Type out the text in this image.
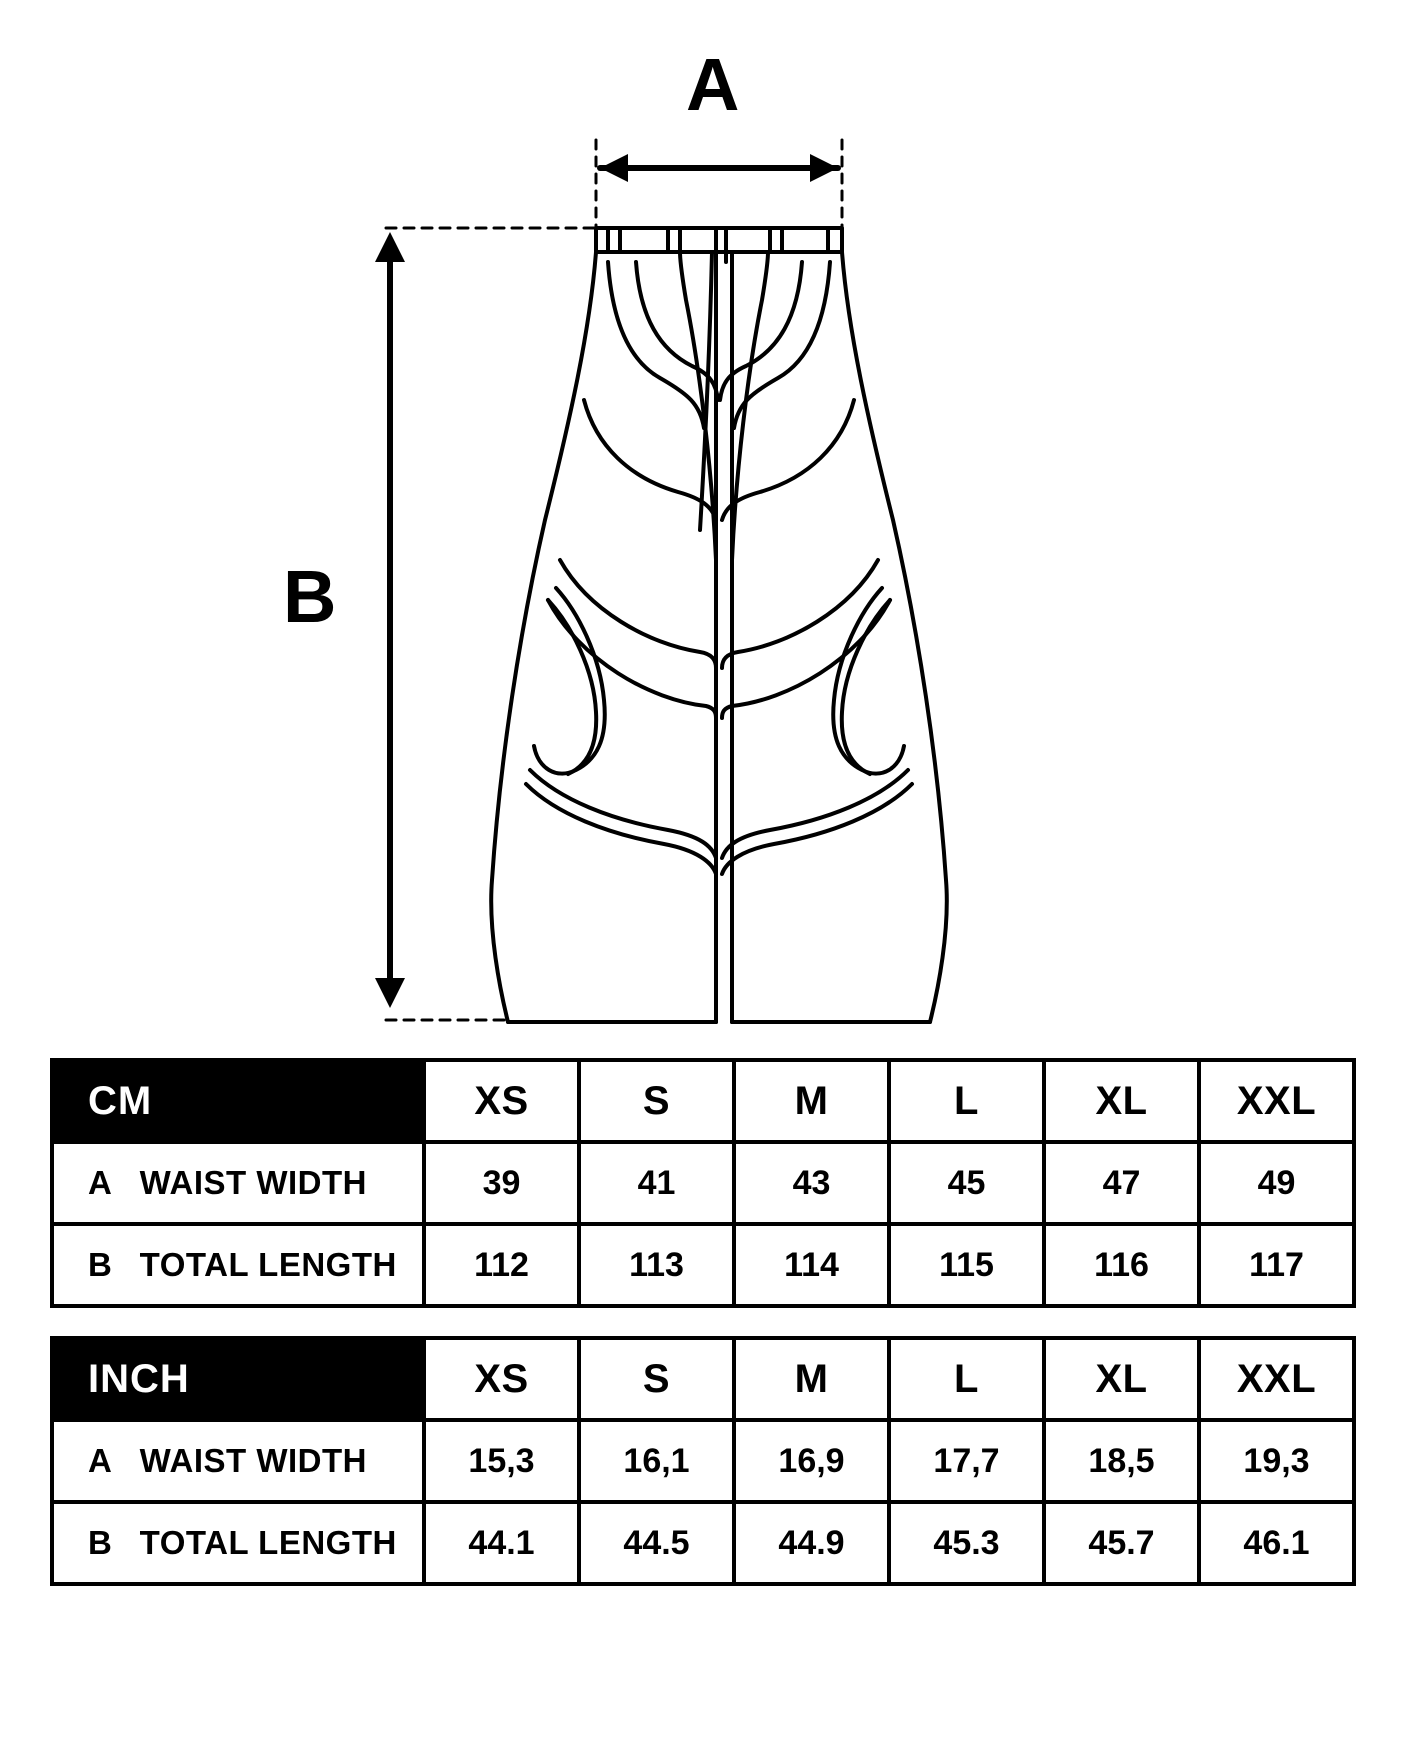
A
B
CM	XS	S	M	L	XL	XXL
A WAIST WIDTH	39	41	43	45	47	49
B TOTAL LENGTH	112	113	114	115	116	117
INCH	XS	S	M	L	XL	XXL
A WAIST WIDTH	15,3	16,1	16,9	17,7	18,5	19,3
B TOTAL LENGTH	44.1	44.5	44.9	45.3	45.7	46.1
